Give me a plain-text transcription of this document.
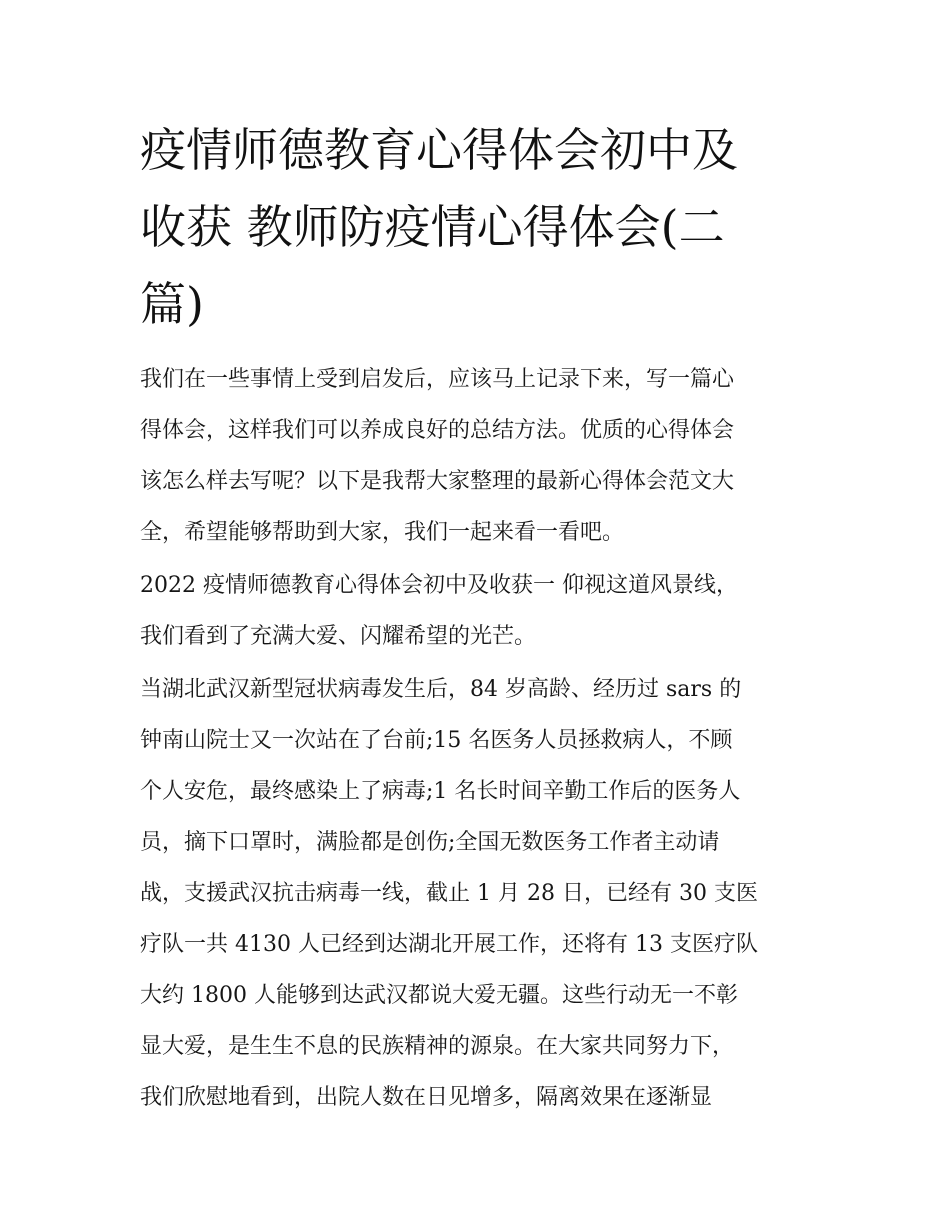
疫情师德教育心得体会初中及
收获 教师防疫情心得体会(二
篇)

我们在一些事情上受到启发后，应该马上记录下来，写一篇心
得体会，这样我们可以养成良好的总结方法。优质的心得体会
该怎么样去写呢？以下是我帮大家整理的最新心得体会范文大
全，希望能够帮助到大家，我们一起来看一看吧。

2022 疫情师德教育心得体会初中及收获一 仰视这道风景线，
我们看到了充满大爱、闪耀希望的光芒。

当湖北武汉新型冠状病毒发生后，84 岁高龄、经历过 sars 的
钟南山院士又一次站在了台前;15 名医务人员拯救病人，不顾
个人安危，最终感染上了病毒;1 名长时间辛勤工作后的医务人
员，摘下口罩时，满脸都是创伤;全国无数医务工作者主动请
战，支援武汉抗击病毒一线，截止 1 月 28 日，已经有 30 支医
疗队一共 4130 人已经到达湖北开展工作，还将有 13 支医疗队
大约 1800 人能够到达武汉都说大爱无疆。这些行动无一不彰
显大爱，是生生不息的民族精神的源泉。在大家共同努力下，
我们欣慰地看到，出院人数在日见增多，隔离效果在逐渐显
